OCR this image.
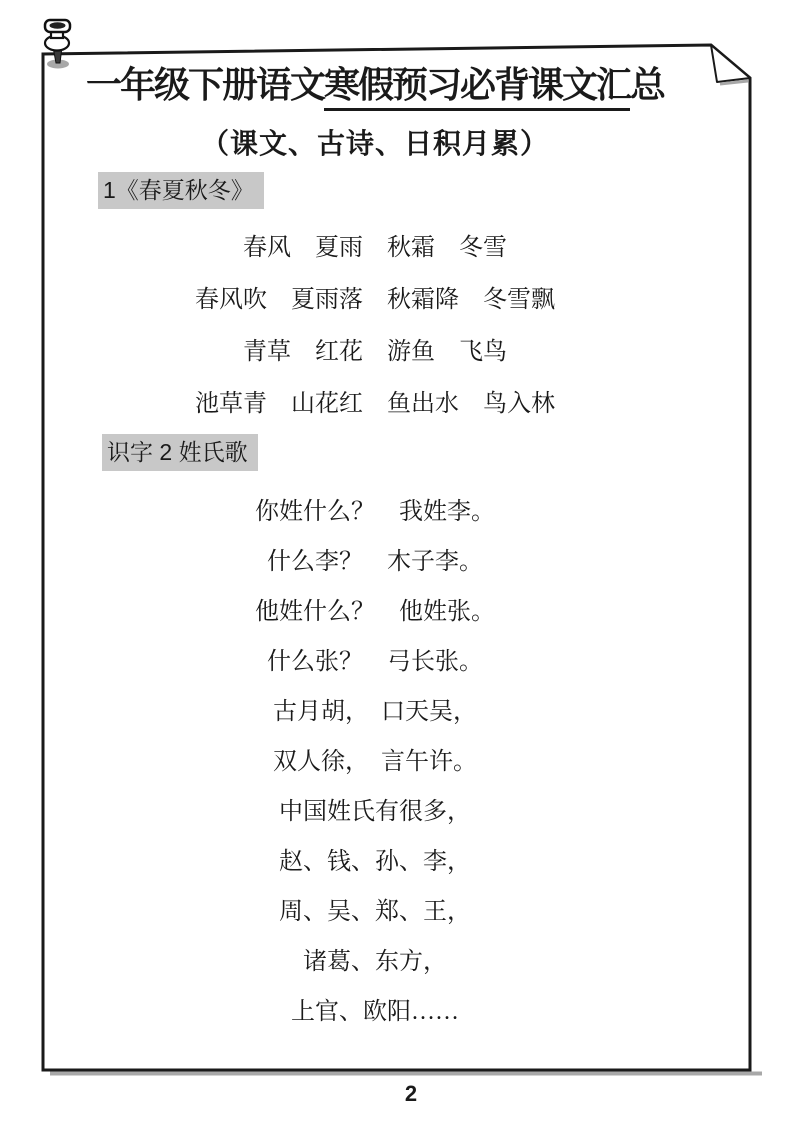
一年级下册语文寒假预习必背课文汇总
（课文、古诗、日积月累）
1《春夏秋冬》
春风　夏雨　秋霜　冬雪
春风吹　夏雨落　秋霜降　冬雪飘
青草　红花　游鱼　飞鸟
池草青　山花红　鱼出水　鸟入林
识字 2 姓氏歌
你姓什么？　我姓李。
什么李？　木子李。
他姓什么？　他姓张。
什么张？　弓长张。
古月胡，　口天吴，
双人徐，　言午许。
中国姓氏有很多，
赵、钱、孙、李，
周、吴、郑、王，
诸葛、东方，
上官、欧阳……
2
